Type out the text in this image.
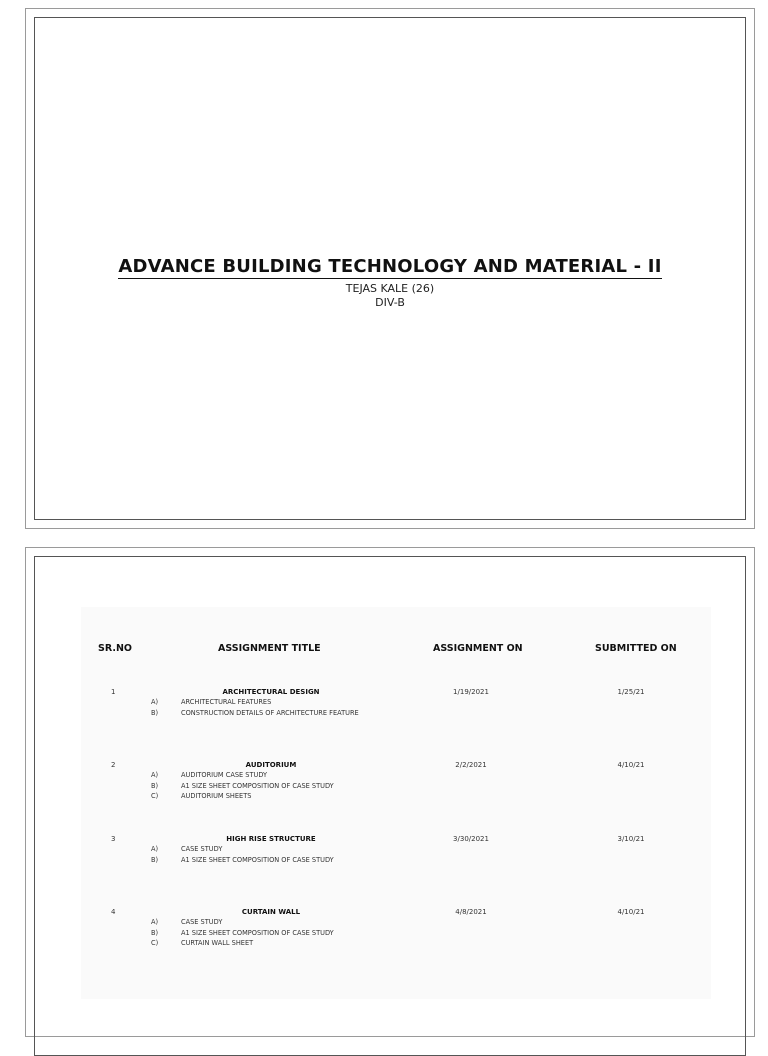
ADVANCE BUILDING TECHNOLOGY AND MATERIAL - II
TEJAS KALE (26)
DIV-B
SR.NO	ASSIGNMENT TITLE	ASSIGNMENT ON	SUBMITTED ON
1	ARCHITECTURAL DESIGN	1/19/2021	1/25/21
A)	ARCHITECTURAL FEATURES
B)	CONSTRUCTION DETAILS OF ARCHITECTURE FEATURE
2	AUDITORIUM	2/2/2021	4/10/21
A)	AUDITORIUM CASE STUDY
B)	A1 SIZE SHEET COMPOSITION OF CASE STUDY
C)	AUDITORIUM SHEETS
3	HIGH RISE STRUCTURE	3/30/2021	3/10/21
A)	CASE STUDY
B)	A1 SIZE SHEET COMPOSITION OF CASE STUDY
4	CURTAIN WALL	4/8/2021	4/10/21
A)	CASE STUDY
B)	A1 SIZE SHEET COMPOSITION OF CASE STUDY
C)	CURTAIN WALL SHEET
